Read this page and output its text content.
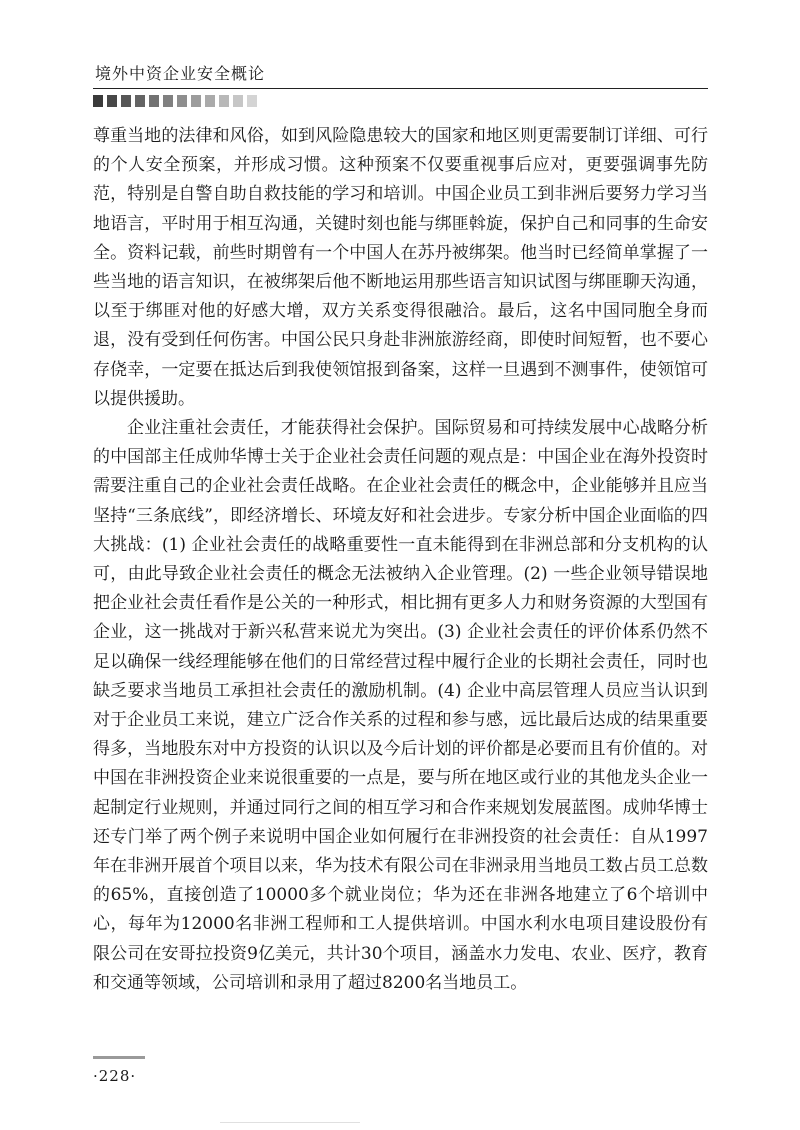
境外中资企业安全概论

尊重当地的法律和风俗，如到风险隐患较大的国家和地区则更需要制订详细、可行的个人安全预案，并形成习惯。这种预案不仅要重视事后应对，更要强调事先防范，特别是自警自助自救技能的学习和培训。中国企业员工到非洲后要努力学习当地语言，平时用于相互沟通，关键时刻也能与绑匪斡旋，保护自己和同事的生命安全。资料记载，前些时期曾有一个中国人在苏丹被绑架。他当时已经简单掌握了一些当地的语言知识，在被绑架后他不断地运用那些语言知识试图与绑匪聊天沟通，以至于绑匪对他的好感大增，双方关系变得很融洽。最后，这名中国同胞全身而退，没有受到任何伤害。中国公民只身赴非洲旅游经商，即使时间短暂，也不要心存侥幸，一定要在抵达后到我使领馆报到备案，这样一旦遇到不测事件，使领馆可以提供援助。

企业注重社会责任，才能获得社会保护。国际贸易和可持续发展中心战略分析的中国部主任成帅华博士关于企业社会责任问题的观点是：中国企业在海外投资时需要注重自己的企业社会责任战略。在企业社会责任的概念中，企业能够并且应当坚持“三条底线”，即经济增长、环境友好和社会进步。专家分析中国企业面临的四大挑战：(1) 企业社会责任的战略重要性一直未能得到在非洲总部和分支机构的认可，由此导致企业社会责任的概念无法被纳入企业管理。(2) 一些企业领导错误地把企业社会责任看作是公关的一种形式，相比拥有更多人力和财务资源的大型国有企业，这一挑战对于新兴私营来说尤为突出。(3) 企业社会责任的评价体系仍然不足以确保一线经理能够在他们的日常经营过程中履行企业的长期社会责任，同时也缺乏要求当地员工承担社会责任的激励机制。(4) 企业中高层管理人员应当认识到对于企业员工来说，建立广泛合作关系的过程和参与感，远比最后达成的结果重要得多，当地股东对中方投资的认识以及今后计划的评价都是必要而且有价值的。对中国在非洲投资企业来说很重要的一点是，要与所在地区或行业的其他龙头企业一起制定行业规则，并通过同行之间的相互学习和合作来规划发展蓝图。成帅华博士还专门举了两个例子来说明中国企业如何履行在非洲投资的社会责任：自从1997年在非洲开展首个项目以来，华为技术有限公司在非洲录用当地员工数占员工总数的65%，直接创造了10000多个就业岗位；华为还在非洲各地建立了6个培训中心，每年为12000名非洲工程师和工人提供培训。中国水利水电项目建设股份有限公司在安哥拉投资9亿美元，共计30个项目，涵盖水力发电、农业、医疗，教育和交通等领域，公司培训和录用了超过8200名当地员工。

·228·
